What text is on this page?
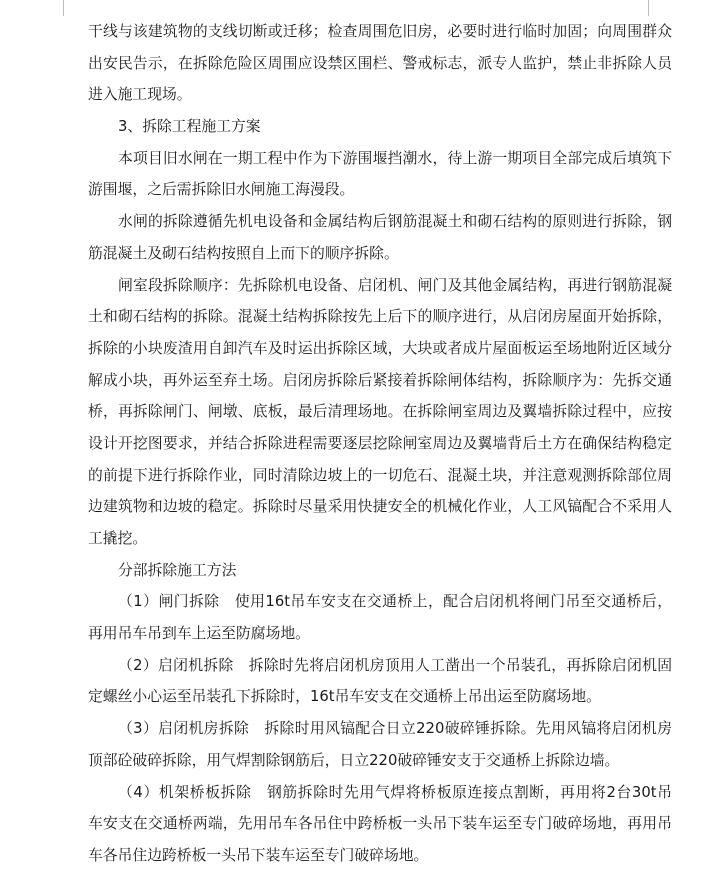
干线与该建筑物的支线切断或迁移；检查周围危旧房，必要时进行临时加固；向周围群众
出安民告示，在拆除危险区周围应设禁区围栏、警戒标志，派专人监护，禁止非拆除人员
进入施工现场。
3、拆除工程施工方案
本项目旧水闸在一期工程中作为下游围堰挡潮水，待上游一期项目全部完成后填筑下
游围堰，之后需拆除旧水闸施工海漫段。
水闸的拆除遵循先机电设备和金属结构后钢筋混凝土和砌石结构的原则进行拆除，钢
筋混凝土及砌石结构按照自上而下的顺序拆除。
闸室段拆除顺序：先拆除机电设备、启闭机、闸门及其他金属结构，再进行钢筋混凝
土和砌石结构的拆除。混凝土结构拆除按先上后下的顺序进行，从启闭房屋面开始拆除，
拆除的小块废渣用自卸汽车及时运出拆除区域，大块或者成片屋面板运至场地附近区域分
解成小块，再外运至弃土场。启闭房拆除后紧接着拆除闸体结构，拆除顺序为：先拆交通
桥，再拆除闸门、闸墩、底板，最后清理场地。在拆除闸室周边及翼墙拆除过程中，应按
设计开挖图要求，并结合拆除进程需要逐层挖除闸室周边及翼墙背后土方在确保结构稳定
的前提下进行拆除作业，同时清除边坡上的一切危石、混凝土块，并注意观测拆除部位周
边建筑物和边坡的稳定。拆除时尽量采用快捷安全的机械化作业，人工风镐配合不采用人
工撬挖。
分部拆除施工方法
（1）闸门拆除　使用16t吊车安支在交通桥上，配合启闭机将闸门吊至交通桥后，
再用吊车吊到车上运至防腐场地。
（2）启闭机拆除　拆除时先将启闭机房顶用人工凿出一个吊装孔，再拆除启闭机固
定螺丝小心运至吊装孔下拆除时，16t吊车安支在交通桥上吊出运至防腐场地。
（3）启闭机房拆除　拆除时用风镐配合日立220破碎锤拆除。先用风镐将启闭机房
顶部砼破碎拆除，用气焊割除钢筋后，日立220破碎锤安支于交通桥上拆除边墙。
（4）机架桥板拆除　钢筋拆除时先用气焊将桥板原连接点割断，再用将2台30t吊
车安支在交通桥两端，先用吊车各吊住中跨桥板一头吊下装车运至专门破碎场地，再用吊
车各吊住边跨桥板一头吊下装车运至专门破碎场地。
